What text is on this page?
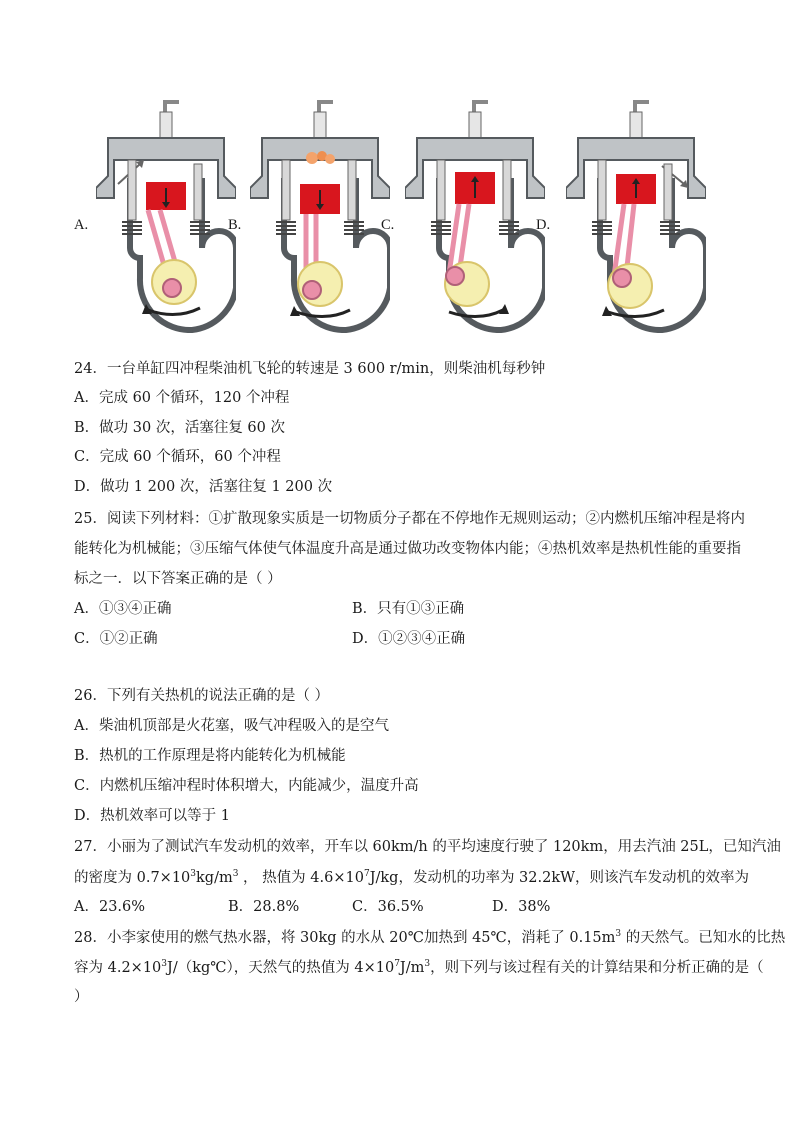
A.	B.	C.	D.
24．一台单缸四冲程柴油机飞轮的转速是 3 600 r/min，则柴油机每秒钟
A．完成 60 个循环，120 个冲程
B．做功 30 次，活塞往复 60 次
C．完成 60 个循环，60 个冲程
D．做功 1 200 次，活塞往复 1 200 次
25．阅读下列材料：①扩散现象实质是一切物质分子都在不停地作无规则运动；②内燃机压缩冲程是将内
能转化为机械能；③压缩气体使气体温度升高是通过做功改变物体内能；④热机效率是热机性能的重要指
标之一．以下答案正确的是（ ）
A．①③④正确	B．只有①③正确
C．①②正确	D．①②③④正确
26．下列有关热机的说法正确的是（ ）
A．柴油机顶部是火花塞，吸气冲程吸入的是空气
B．热机的工作原理是将内能转化为机械能
C．内燃机压缩冲程时体积增大，内能减少，温度升高
D．热机效率可以等于 1
27．小丽为了测试汽车发动机的效率，开车以 60km/h 的平均速度行驶了 120km，用去汽油 25L，已知汽油
的密度为 $0.7\times 10^3kg/m^3$ ， 热值为 $4.6\times 10^7J/kg$，发动机的功率为 32.2kW，则该汽车发动机的效率为
A．23.6%	B．28.8%	C．36.5%	D．38%
28．小李家使用的燃气热水器，将 30kg 的水从 20℃加热到 45℃，消耗了 $0.15m^3$ 的天然气。已知水的比热
容为 $4.2\times 10^3J/(kg℃)$，天然气的热值为 $4\times 10^7J/m^3$，则下列与该过程有关的计算结果和分析正确的是（
）
